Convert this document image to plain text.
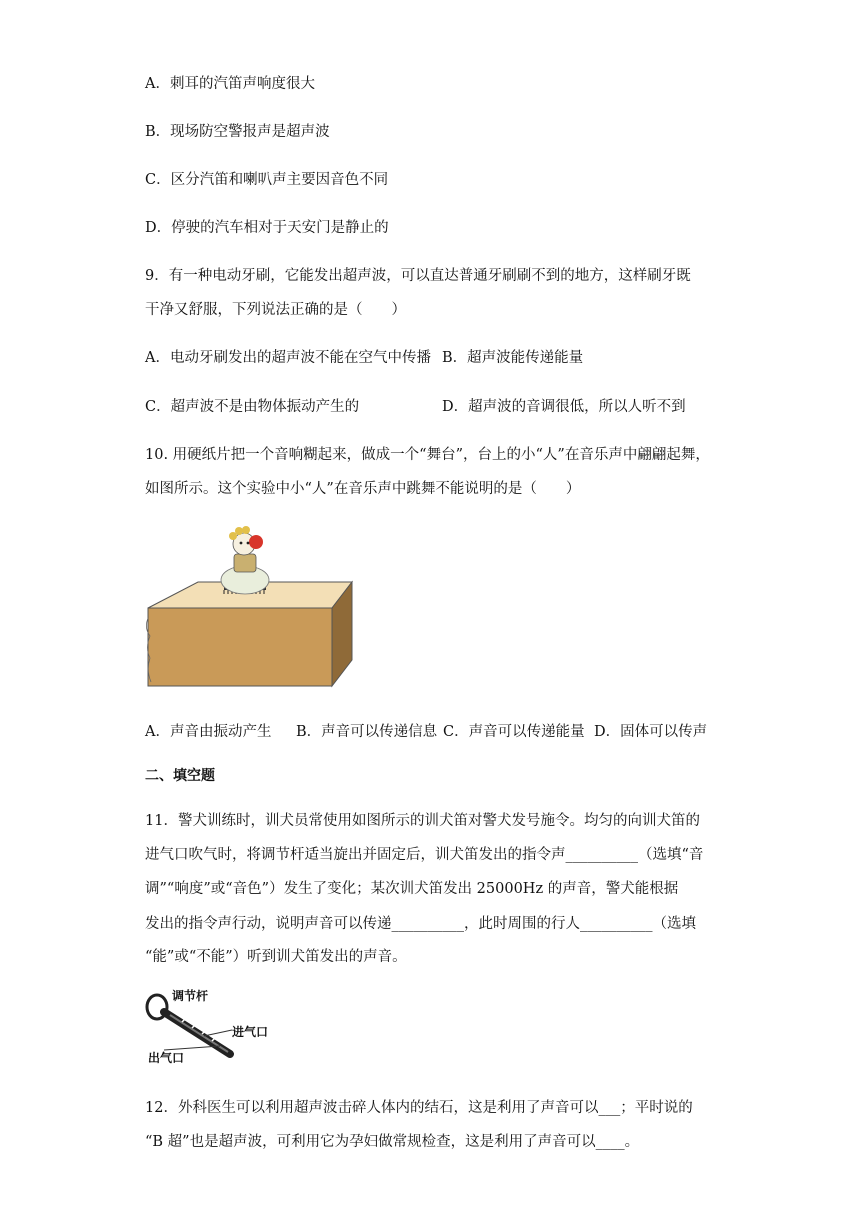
A．刺耳的汽笛声响度很大
B．现场防空警报声是超声波
C．区分汽笛和喇叭声主要因音色不同
D．停驶的汽车相对于天安门是静止的
9．有一种电动牙刷，它能发出超声波，可以直达普通牙刷刷不到的地方，这样刷牙既
干净又舒服，下列说法正确的是（　　）
A．电动牙刷发出的超声波不能在空气中传播 B．超声波能传递能量
C．超声波不是由物体振动产生的	D．超声波的音调很低，所以人听不到
10. 用硬纸片把一个音响糊起来，做成一个“舞台”，台上的小“人”在音乐声中翩翩起舞，
如图所示。这个实验中小“人”在音乐声中跳舞不能说明的是（　　）
A．声音由振动产生 B．声音可以传递信息 C．声音可以传递能量 D．固体可以传声
二、填空题
11．警犬训练时，训犬员常使用如图所示的训犬笛对警犬发号施令。均匀的向训犬笛的
进气口吹气时，将调节杆适当旋出并固定后，训犬笛发出的指令声__________（选填“音
调”“响度”或“音色”）发生了变化；某次训犬笛发出 25000Hz 的声音，警犬能根据
发出的指令声行动，说明声音可以传递__________，此时周围的行人__________（选填
“能”或“不能”）听到训犬笛发出的声音。
调节杆
进气口
出气口
12．外科医生可以利用超声波击碎人体内的结石，这是利用了声音可以___；平时说的
“B 超”也是超声波，可利用它为孕妇做常规检查，这是利用了声音可以____。
